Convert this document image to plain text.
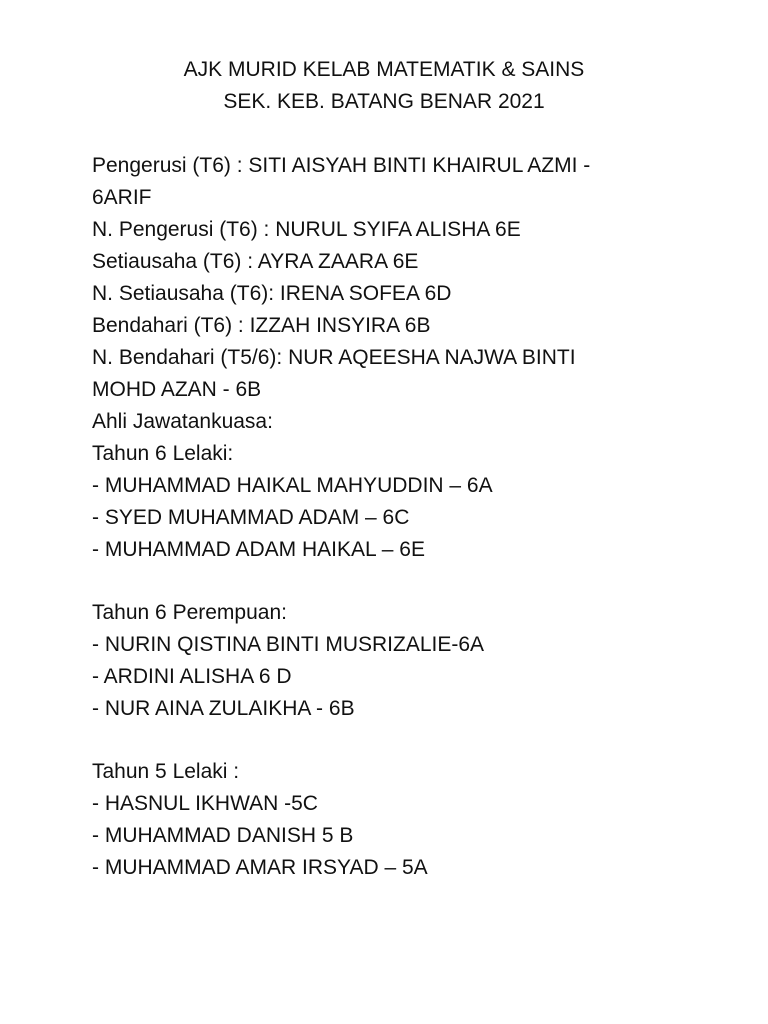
AJK MURID KELAB MATEMATIK & SAINS
SEK. KEB. BATANG BENAR 2021
Pengerusi (T6) : SITI AISYAH BINTI KHAIRUL AZMI -
6ARIF
N. Pengerusi (T6) : NURUL SYIFA ALISHA 6E
Setiausaha (T6) : AYRA ZAARA 6E
N. Setiausaha (T6): IRENA SOFEA 6D
Bendahari (T6) : IZZAH INSYIRA 6B
N. Bendahari (T5/6): NUR AQEESHA NAJWA BINTI
MOHD AZAN - 6B
Ahli Jawatankuasa:
Tahun 6 Lelaki:
- MUHAMMAD HAIKAL MAHYUDDIN – 6A
- SYED MUHAMMAD ADAM – 6C
- MUHAMMAD ADAM HAIKAL – 6E
Tahun 6 Perempuan:
- NURIN QISTINA BINTI MUSRIZALIE-6A
- ARDINI ALISHA 6 D
- NUR AINA ZULAIKHA - 6B
Tahun 5 Lelaki :
- HASNUL IKHWAN -5C
- MUHAMMAD DANISH 5 B
- MUHAMMAD AMAR IRSYAD – 5A
